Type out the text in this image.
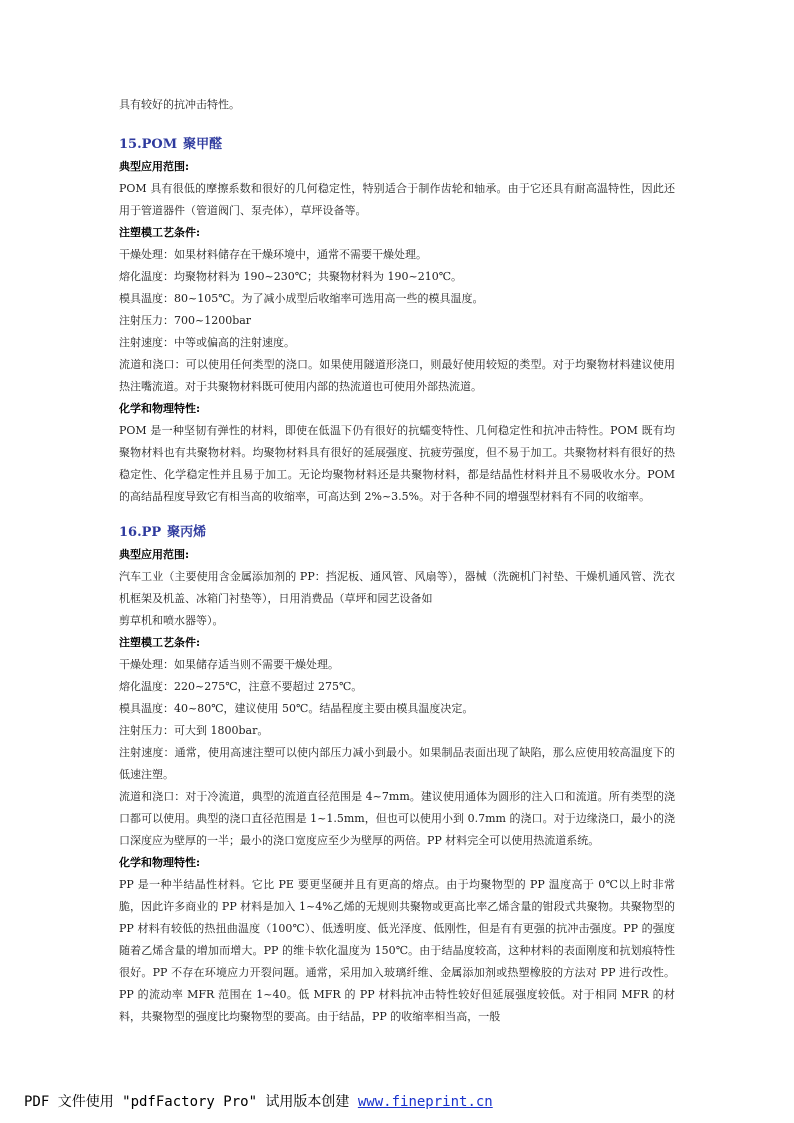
具有较好的抗冲击特性。

15.POM 聚甲醛

典型应用范围:

POM 具有很低的摩擦系数和很好的几何稳定性，特别适合于制作齿轮和轴承。由于它还具有耐高温特性，因此还用于管道器件（管道阀门、泵壳体），草坪设备等。

注塑模工艺条件:

干燥处理：如果材料储存在干燥环境中，通常不需要干燥处理。

熔化温度：均聚物材料为 190~230℃；共聚物材料为 190~210℃。

模具温度：80~105℃。为了减小成型后收缩率可选用高一些的模具温度。

注射压力：700~1200bar

注射速度：中等或偏高的注射速度。

流道和浇口：可以使用任何类型的浇口。如果使用隧道形浇口，则最好使用较短的类型。对于均聚物材料建议使用热注嘴流道。对于共聚物材料既可使用内部的热流道也可使用外部热流道。

化学和物理特性:

POM 是一种坚韧有弹性的材料，即使在低温下仍有很好的抗蠕变特性、几何稳定性和抗冲击特性。POM 既有均聚物材料也有共聚物材料。均聚物材料具有很好的延展强度、抗疲劳强度，但不易于加工。共聚物材料有很好的热稳定性、化学稳定性并且易于加工。无论均聚物材料还是共聚物材料，都是结晶性材料并且不易吸收水分。POM 的高结晶程度导致它有相当高的收缩率，可高达到 2%~3.5%。对于各种不同的增强型材料有不同的收缩率。

16.PP 聚丙烯

典型应用范围:

汽车工业（主要使用含金属添加剂的 PP：挡泥板、通风管、风扇等），器械（洗碗机门衬垫、干燥机通风管、洗衣机框架及机盖、冰箱门衬垫等），日用消费品（草坪和园艺设备如

剪草机和喷水器等）。

注塑模工艺条件:

干燥处理：如果储存适当则不需要干燥处理。

熔化温度：220~275℃，注意不要超过 275℃。

模具温度：40~80℃，建议使用 50℃。结晶程度主要由模具温度决定。

注射压力：可大到 1800bar。

注射速度：通常，使用高速注塑可以使内部压力减小到最小。如果制品表面出现了缺陷，那么应使用较高温度下的低速注塑。

流道和浇口：对于冷流道，典型的流道直径范围是 4~7mm。建议使用通体为圆形的注入口和流道。所有类型的浇口都可以使用。典型的浇口直径范围是 1~1.5mm，但也可以使用小到 0.7mm 的浇口。对于边缘浇口，最小的浇口深度应为壁厚的一半；最小的浇口宽度应至少为壁厚的两倍。PP 材料完全可以使用热流道系统。

化学和物理特性:

PP 是一种半结晶性材料。它比 PE 要更坚硬并且有更高的熔点。由于均聚物型的 PP 温度高于 0℃以上时非常脆，因此许多商业的 PP 材料是加入 1~4%乙烯的无规则共聚物或更高比率乙烯含量的钳段式共聚物。共聚物型的 PP 材料有较低的热扭曲温度（100℃）、低透明度、低光泽度、低刚性，但是有有更强的抗冲击强度。PP 的强度随着乙烯含量的增加而增大。PP 的维卡软化温度为 150℃。由于结晶度较高，这种材料的表面刚度和抗划痕特性很好。PP 不存在环境应力开裂问题。通常，采用加入玻璃纤维、金属添加剂或热塑橡胶的方法对 PP 进行改性。PP 的流动率 MFR 范围在 1~40。低 MFR 的 PP 材料抗冲击特性较好但延展强度较低。对于相同 MFR 的材料，共聚物型的强度比均聚物型的要高。由于结晶，PP 的收缩率相当高，一般

PDF 文件使用 "pdfFactory Pro" 试用版本创建 www.fineprint.cn
